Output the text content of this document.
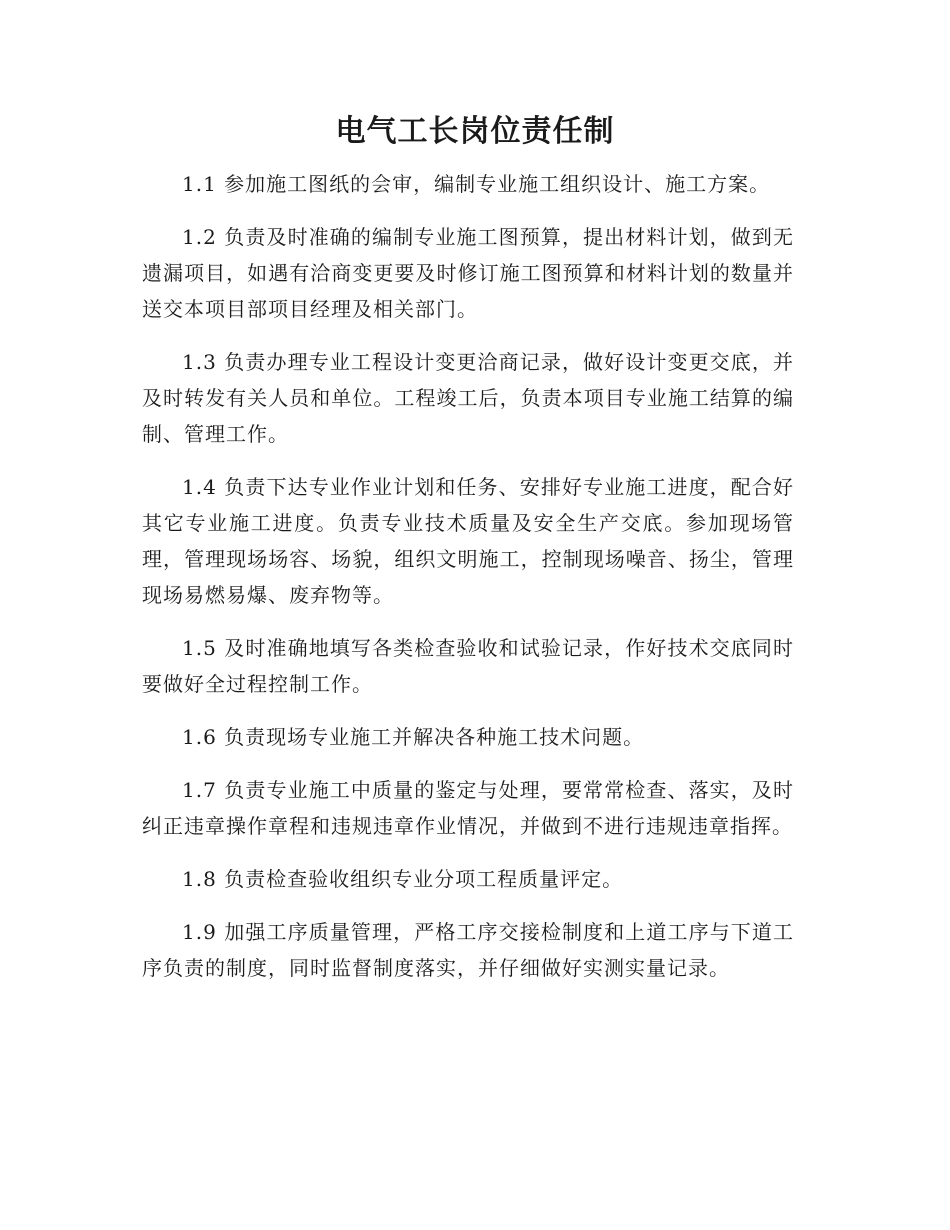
电气工长岗位责任制

1.1 参加施工图纸的会审，编制专业施工组织设计、施工方案。

1.2 负责及时准确的编制专业施工图预算，提出材料计划，做到无遗漏项目，如遇有洽商变更要及时修订施工图预算和材料计划的数量并送交本项目部项目经理及相关部门。

1.3 负责办理专业工程设计变更洽商记录，做好设计变更交底，并及时转发有关人员和单位。工程竣工后，负责本项目专业施工结算的编制、管理工作。

1.4 负责下达专业作业计划和任务、安排好专业施工进度，配合好其它专业施工进度。负责专业技术质量及安全生产交底。参加现场管理，管理现场场容、场貌，组织文明施工，控制现场噪音、扬尘，管理现场易燃易爆、废弃物等。

1.5 及时准确地填写各类检查验收和试验记录，作好技术交底同时要做好全过程控制工作。

1.6 负责现场专业施工并解决各种施工技术问题。

1.7 负责专业施工中质量的鉴定与处理，要常常检查、落实，及时纠正违章操作章程和违规违章作业情况，并做到不进行违规违章指挥。

1.8 负责检查验收组织专业分项工程质量评定。

1.9 加强工序质量管理，严格工序交接检制度和上道工序与下道工序负责的制度，同时监督制度落实，并仔细做好实测实量记录。
